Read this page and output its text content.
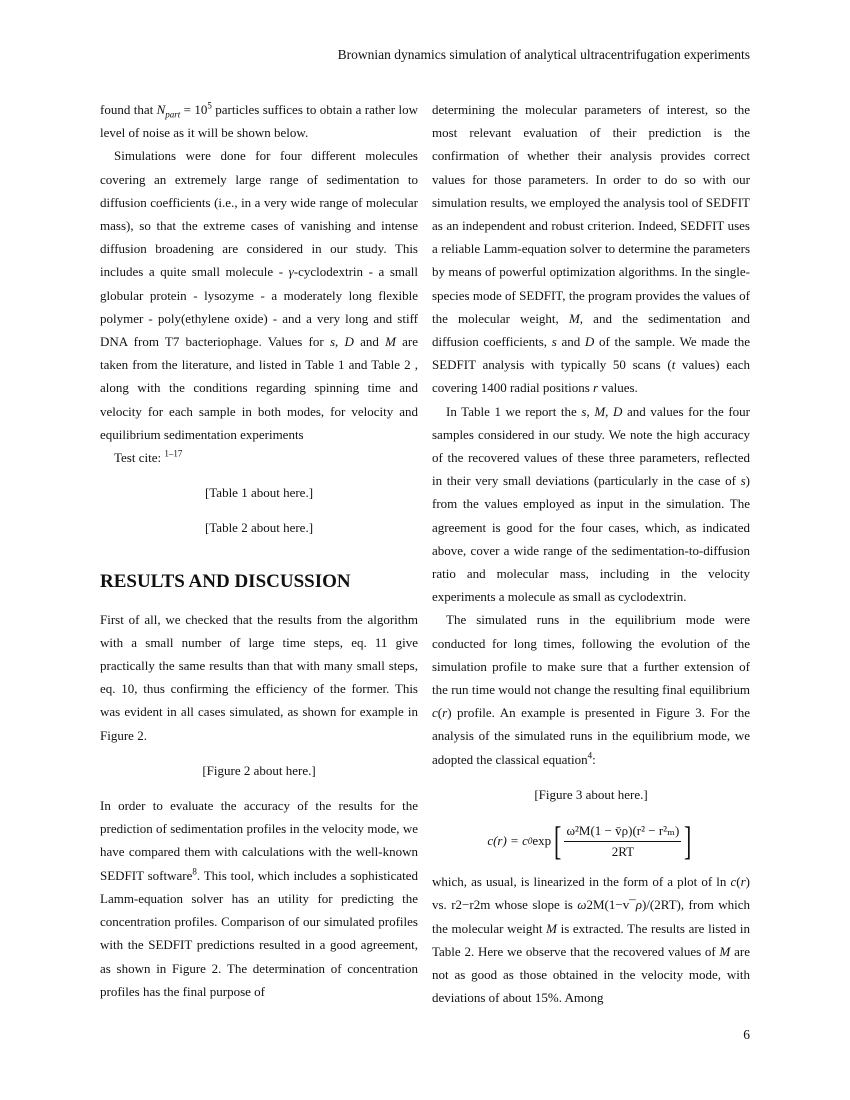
Brownian dynamics simulation of analytical ultracentrifugation experiments

found that $N_{part} = 10^5$ particles suffices to obtain a rather low level of noise as it will be shown below.

Simulations were done for four different molecules covering an extremely large range of sedimentation to diffusion coefficients (i.e., in a very wide range of molecular mass), so that the extreme cases of vanishing and intense diffusion broadening are considered in our study. This includes a quite small molecule - γ-cyclodextrin - a small globular protein - lysozyme - a moderately long flexible polymer - poly(ethylene oxide) - and a very long and stiff DNA from T7 bacteriophage. Values for s, D and M are taken from the literature, and listed in Table 1 and Table 2 , along with the conditions regarding spinning time and velocity for each sample in both modes, for velocity and equilibrium sedimentation experiments

Test cite: $^{1-17}$

[Table 1 about here.]

[Table 2 about here.]

RESULTS AND DISCUSSION

First of all, we checked that the results from the algorithm with a small number of large time steps, eq. 11 give practically the same results than that with many small steps, eq. 10, thus confirming the efficiency of the former. This was evident in all cases simulated, as shown for example in Figure 2.

[Figure 2 about here.]

In order to evaluate the accuracy of the results for the prediction of sedimentation profiles in the velocity mode, we have compared them with calculations with the well-known SEDFIT software$^8$. This tool, which includes a sophisticated Lamm-equation solver has an utility for predicting the concentration profiles. Comparison of our simulated profiles with the SEDFIT predictions resulted in a good agreement, as shown in Figure 2. The determination of concentration profiles has the final purpose of

determining the molecular parameters of interest, so the most relevant evaluation of their prediction is the confirmation of whether their analysis provides correct values for those parameters. In order to do so with our simulation results, we employed the analysis tool of SEDFIT as an independent and robust criterion. Indeed, SEDFIT uses a reliable Lamm-equation solver to determine the parameters by means of powerful optimization algorithms. In the single-species mode of SEDFIT, the program provides the values of the molecular weight, M, and the sedimentation and diffusion coefficients, s and D of the sample. We made the SEDFIT analysis with typically 50 scans (t values) each covering 1400 radial positions r values.

In Table 1 we report the s, M, D and values for the four samples considered in our study. We note the high accuracy of the recovered values of these three parameters, reflected in their very small deviations (particularly in the case of s) from the values employed as input in the simulation. The agreement is good for the four cases, which, as indicated above, cover a wide range of the sedimentation-to-diffusion ratio and molecular mass, including in the velocity experiments a molecule as small as cyclodextrin.

The simulated runs in the equilibrium mode were conducted for long times, following the evolution of the simulation profile to make sure that a further extension of the run time would not change the resulting final equilibrium c(r) profile. An example is presented in Figure 3. For the analysis of the simulated runs in the equilibrium mode, we adopted the classical equation$^4$:

[Figure 3 about here.]

c(r) = c 0 exp [ $\frac{\text{ω²M(1 − v̄ρ)(r² − r²ₘ)}}{2RT}$ ]

which, as usual, is linearized in the form of a plot of ln c(r) vs. r2−r2m whose slope is ω2M(1−v¯ρ)/(2RT), from which the molecular weight M is extracted. The results are listed in Table 2. Here we observe that the recovered values of M are not as good as those obtained in the velocity mode, with deviations of about 15%. Among

6
